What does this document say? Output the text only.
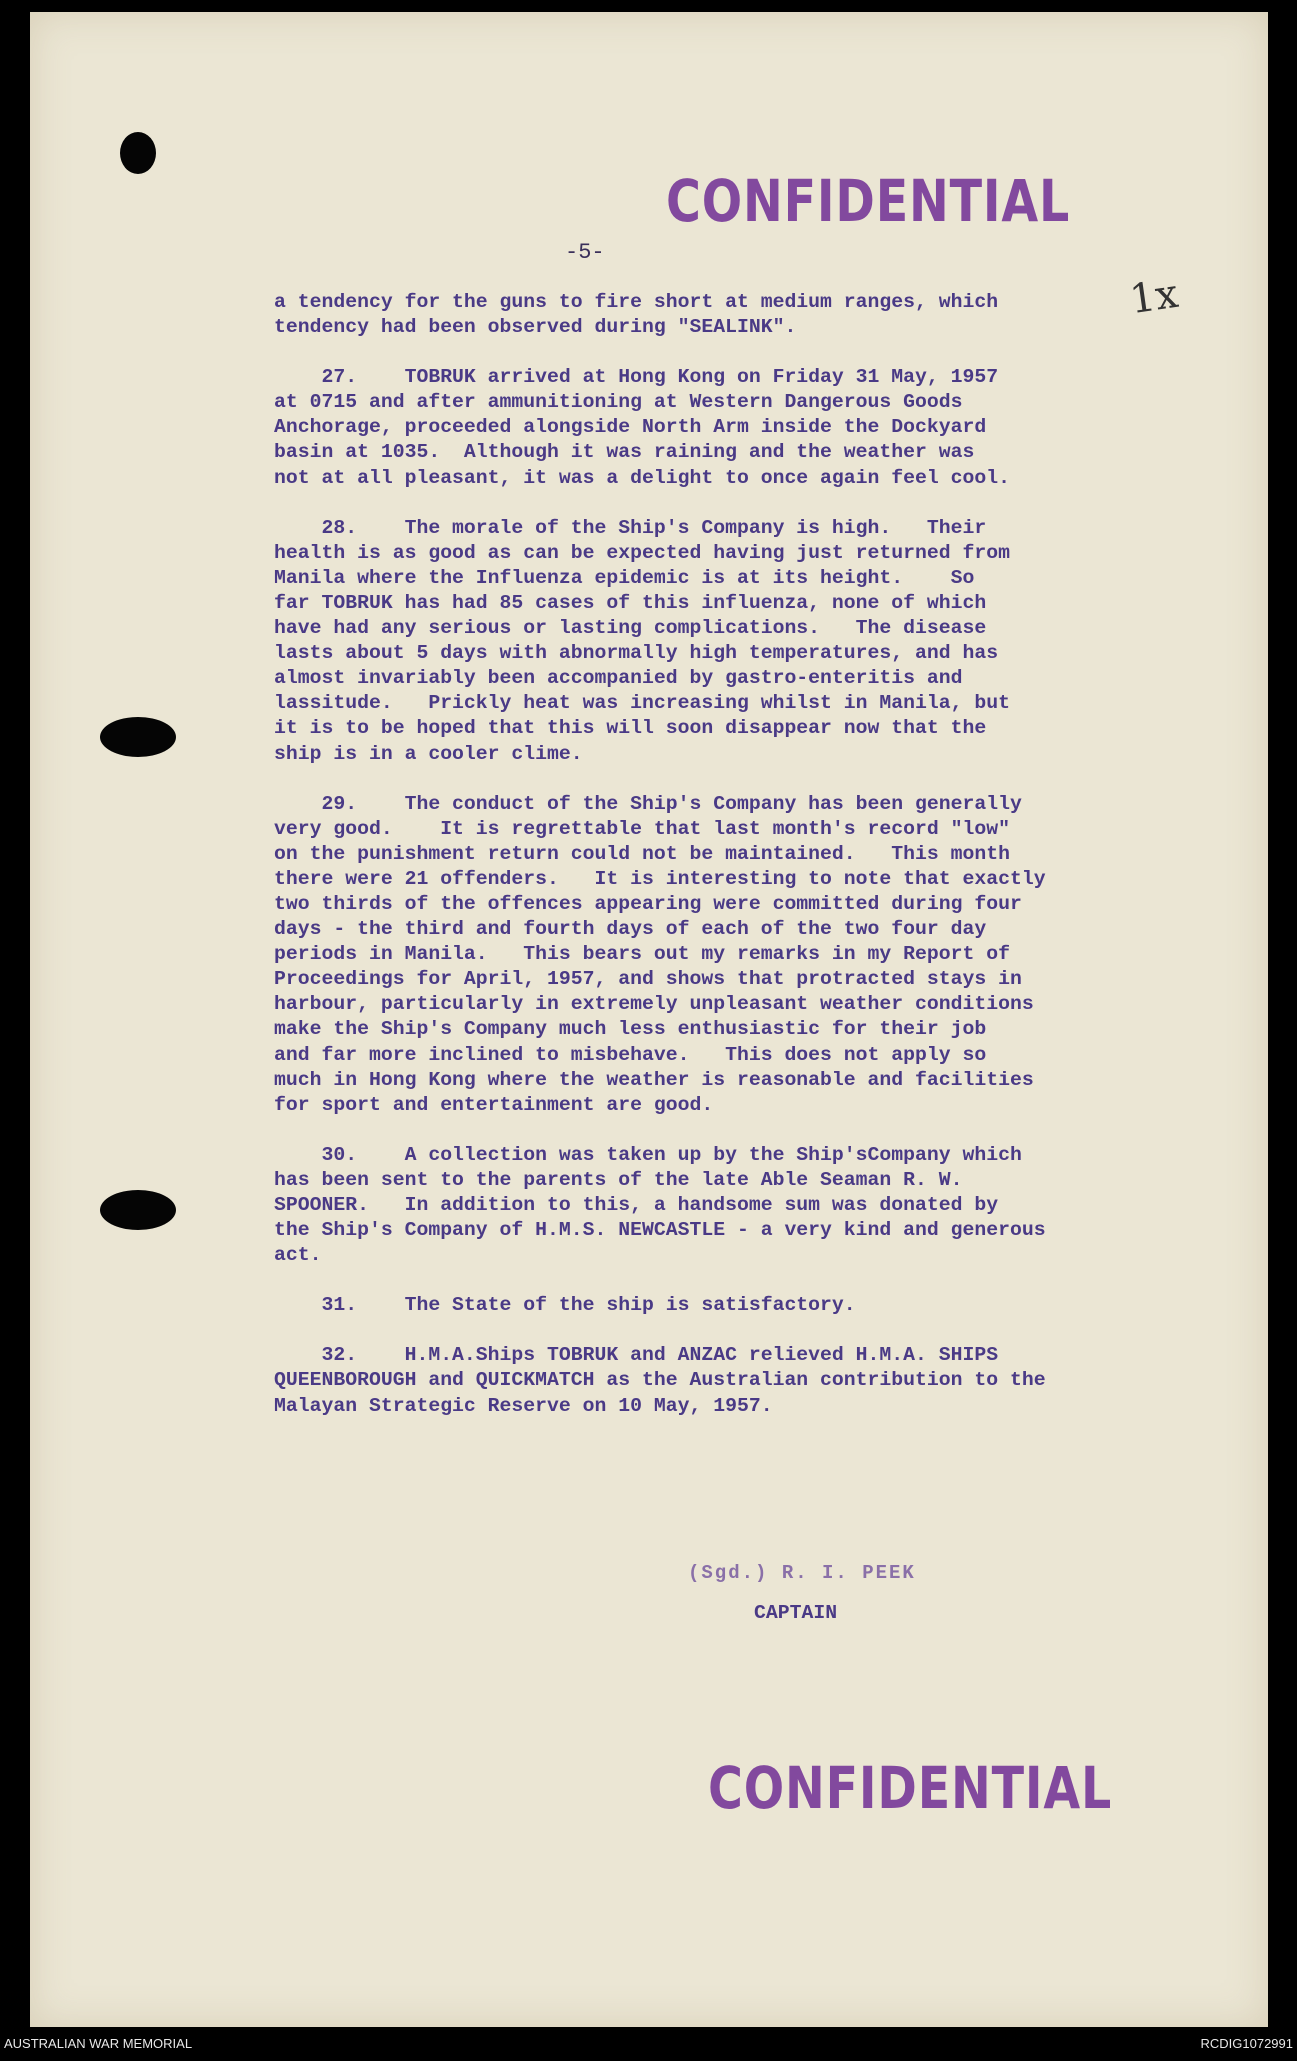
CONFIDENTIAL
-5-
1x
a tendency for the guns to fire short at medium ranges, which
tendency had been observed during "SEALINK".
27.    TOBRUK arrived at Hong Kong on Friday 31 May, 1957
at 0715 and after ammunitioning at Western Dangerous Goods
Anchorage, proceeded alongside North Arm inside the Dockyard
basin at 1035.  Although it was raining and the weather was
not at all pleasant, it was a delight to once again feel cool.
28.    The morale of the Ship's Company is high.   Their
health is as good as can be expected having just returned from
Manila where the Influenza epidemic is at its height.    So
far TOBRUK has had 85 cases of this influenza, none of which
have had any serious or lasting complications.   The disease
lasts about 5 days with abnormally high temperatures, and has
almost invariably been accompanied by gastro-enteritis and
lassitude.   Prickly heat was increasing whilst in Manila, but
it is to be hoped that this will soon disappear now that the
ship is in a cooler clime.
29.    The conduct of the Ship's Company has been generally
very good.    It is regrettable that last month's record "low"
on the punishment return could not be maintained.   This month
there were 21 offenders.   It is interesting to note that exactly
two thirds of the offences appearing were committed during four
days - the third and fourth days of each of the two four day
periods in Manila.   This bears out my remarks in my Report of
Proceedings for April, 1957, and shows that protracted stays in
harbour, particularly in extremely unpleasant weather conditions
make the Ship's Company much less enthusiastic for their job
and far more inclined to misbehave.   This does not apply so
much in Hong Kong where the weather is reasonable and facilities
for sport and entertainment are good.
30.    A collection was taken up by the Ship'sCompany which
has been sent to the parents of the late Able Seaman R. W.
SPOONER.   In addition to this, a handsome sum was donated by
the Ship's Company of H.M.S. NEWCASTLE - a very kind and generous
act.
31.    The State of the ship is satisfactory.
32.    H.M.A.Ships TOBRUK and ANZAC relieved H.M.A. SHIPS
QUEENBOROUGH and QUICKMATCH as the Australian contribution to the
Malayan Strategic Reserve on 10 May, 1957.
(Sgd.) R. I. PEEK
CAPTAIN
CONFIDENTIAL
AUSTRALIAN WAR MEMORIAL	RCDIG1072991
